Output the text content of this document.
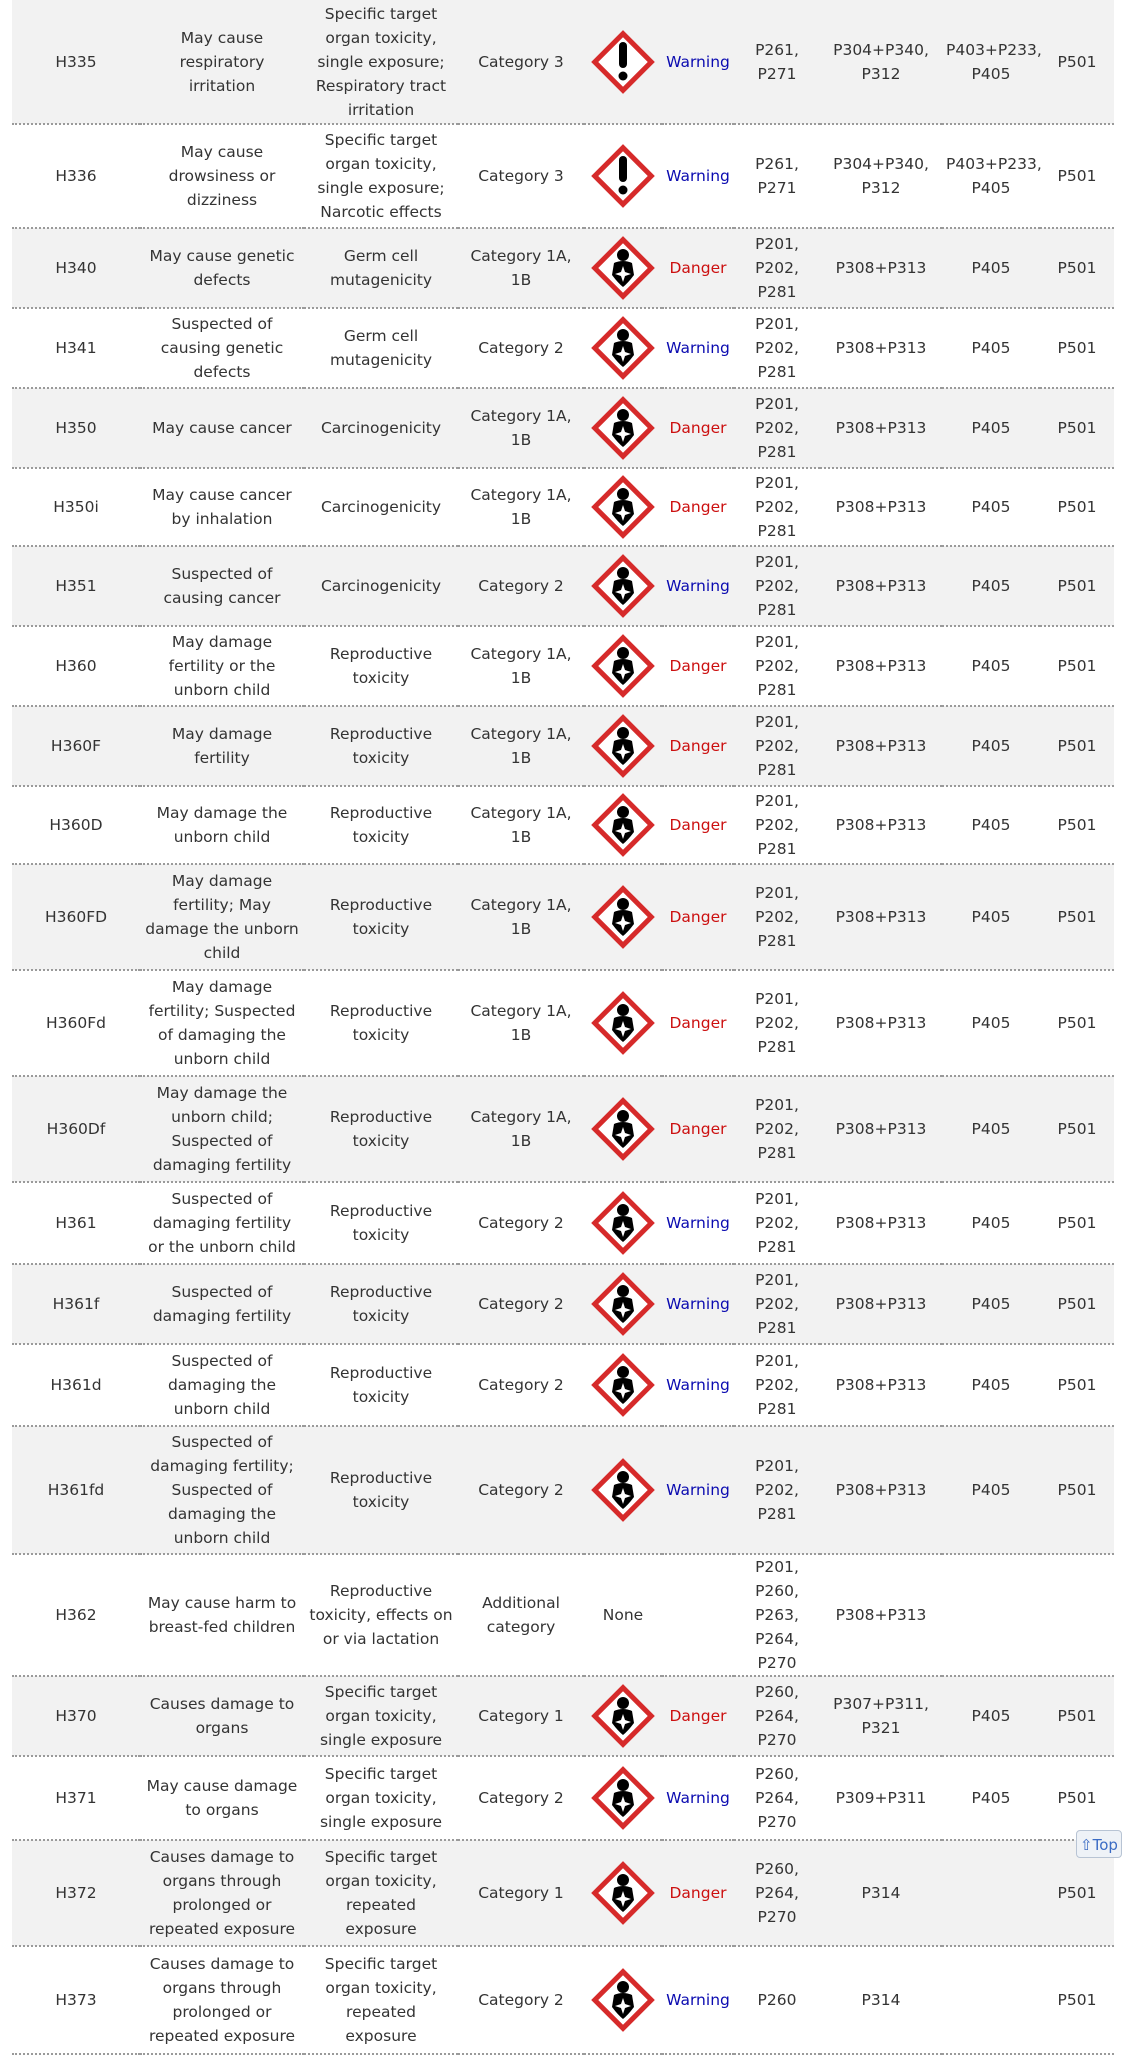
H335	May cause respiratory irritation	Specific target organ toxicity, single exposure; Respiratory tract irritation	Category 3		Warning	P261, P271	P304+P340, P312	P403+P233, P405	P501
H336	May cause drowsiness or dizziness	Specific target organ toxicity, single exposure; Narcotic effects	Category 3		Warning	P261, P271	P304+P340, P312	P403+P233, P405	P501
H340	May cause genetic defects	Germ cell mutagenicity	Category 1A, 1B		Danger	P201, P202, P281	P308+P313	P405	P501
H341	Suspected of causing genetic defects	Germ cell mutagenicity	Category 2		Warning	P201, P202, P281	P308+P313	P405	P501
H350	May cause cancer	Carcinogenicity	Category 1A, 1B		Danger	P201, P202, P281	P308+P313	P405	P501
H350i	May cause cancer by inhalation	Carcinogenicity	Category 1A, 1B		Danger	P201, P202, P281	P308+P313	P405	P501
H351	Suspected of causing cancer	Carcinogenicity	Category 2		Warning	P201, P202, P281	P308+P313	P405	P501
H360	May damage fertility or the unborn child	Reproductive toxicity	Category 1A, 1B		Danger	P201, P202, P281	P308+P313	P405	P501
H360F	May damage fertility	Reproductive toxicity	Category 1A, 1B		Danger	P201, P202, P281	P308+P313	P405	P501
H360D	May damage the unborn child	Reproductive toxicity	Category 1A, 1B		Danger	P201, P202, P281	P308+P313	P405	P501
H360FD	May damage fertility; May damage the unborn child	Reproductive toxicity	Category 1A, 1B		Danger	P201, P202, P281	P308+P313	P405	P501
H360Fd	May damage fertility; Suspected of damaging the unborn child	Reproductive toxicity	Category 1A, 1B		Danger	P201, P202, P281	P308+P313	P405	P501
H360Df	May damage the unborn child; Suspected of damaging fertility	Reproductive toxicity	Category 1A, 1B		Danger	P201, P202, P281	P308+P313	P405	P501
H361	Suspected of damaging fertility or the unborn child	Reproductive toxicity	Category 2		Warning	P201, P202, P281	P308+P313	P405	P501
H361f	Suspected of damaging fertility	Reproductive toxicity	Category 2		Warning	P201, P202, P281	P308+P313	P405	P501
H361d	Suspected of damaging the unborn child	Reproductive toxicity	Category 2		Warning	P201, P202, P281	P308+P313	P405	P501
H361fd	Suspected of damaging fertility; Suspected of damaging the unborn child	Reproductive toxicity	Category 2		Warning	P201, P202, P281	P308+P313	P405	P501
H362	May cause harm to breast-fed children	Reproductive toxicity, effects on or via lactation	Additional category	None		P201, P260, P263, P264, P270	P308+P313		
H370	Causes damage to organs	Specific target organ toxicity, single exposure	Category 1		Danger	P260, P264, P270	P307+P311, P321	P405	P501
H371	May cause damage to organs	Specific target organ toxicity, single exposure	Category 2		Warning	P260, P264, P270	P309+P311	P405	P501
H372	Causes damage to organs through prolonged or repeated exposure	Specific target organ toxicity, repeated exposure	Category 1		Danger	P260, P264, P270	P314		P501
H373	Causes damage to organs through prolonged or repeated exposure	Specific target organ toxicity, repeated exposure	Category 2		Warning	P260	P314		P501
⇧Top
